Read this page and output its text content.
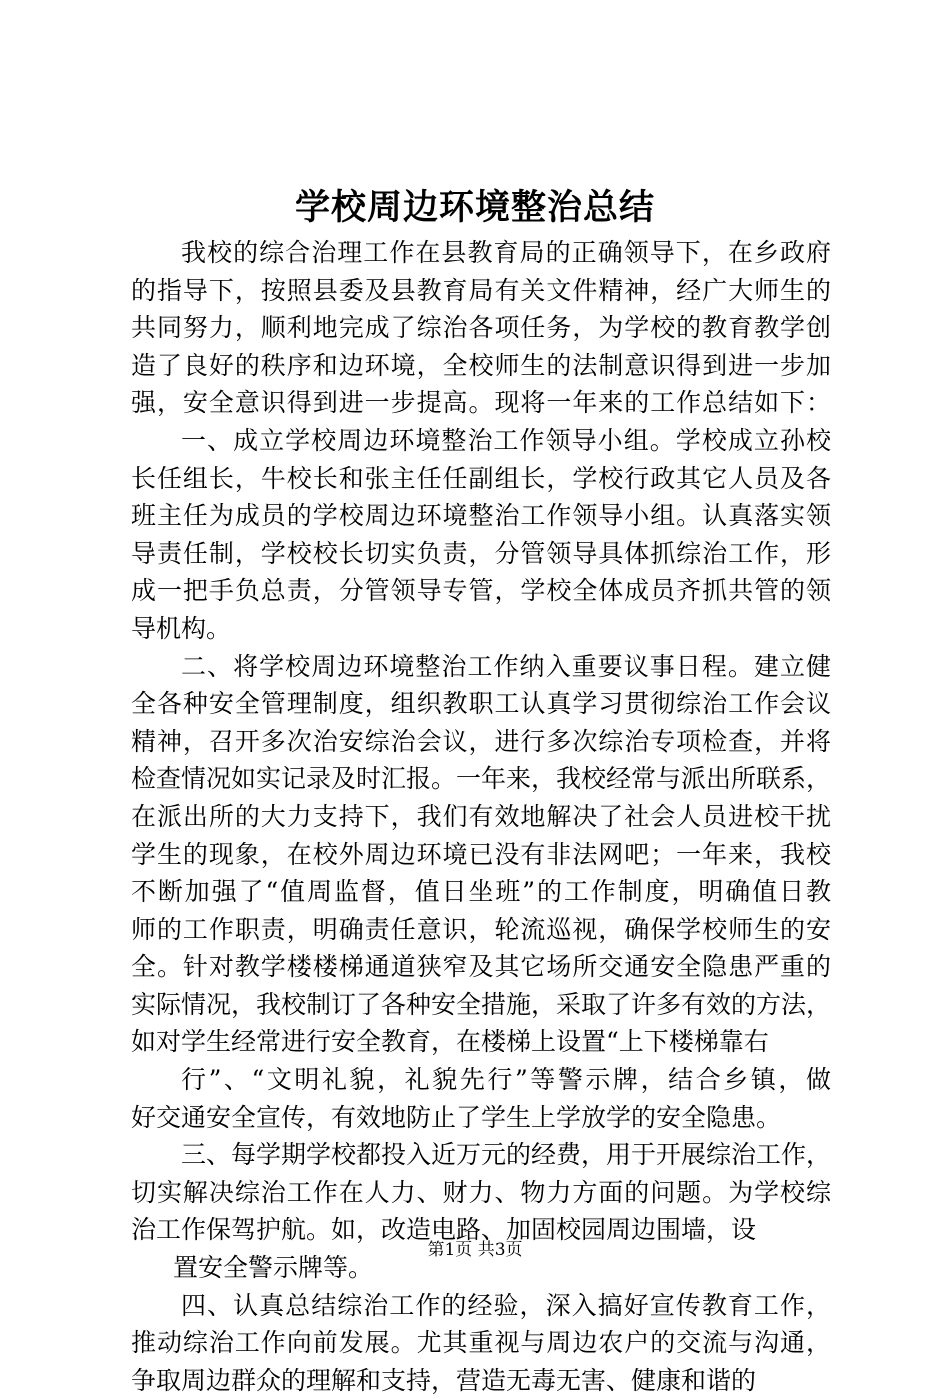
学校周边环境整治总结
我校的综合治理工作在县教育局的正确领导下，在乡政府
的指导下，按照县委及县教育局有关文件精神，经广大师生的
共同努力，顺利地完成了综治各项任务，为学校的教育教学创
造了良好的秩序和边环境，全校师生的法制意识得到进一步加
强，安全意识得到进一步提高。现将一年来的工作总结如下：
一、成立学校周边环境整治工作领导小组。学校成立孙校
长任组长，牛校长和张主任任副组长，学校行政其它人员及各
班主任为成员的学校周边环境整治工作领导小组。认真落实领
导责任制，学校校长切实负责，分管领导具体抓综治工作，形
成一把手负总责，分管领导专管，学校全体成员齐抓共管的领
导机构。
二、将学校周边环境整治工作纳入重要议事日程。建立健
全各种安全管理制度，组织教职工认真学习贯彻综治工作会议
精神，召开多次治安综治会议，进行多次综治专项检查，并将
检查情况如实记录及时汇报。一年来，我校经常与派出所联系，
在派出所的大力支持下，我们有效地解决了社会人员进校干扰
学生的现象，在校外周边环境已没有非法网吧；一年来，我校
不断加强了“值周监督，值日坐班”的工作制度，明确值日教
师的工作职责，明确责任意识，轮流巡视，确保学校师生的安
全。针对教学楼楼梯通道狭窄及其它场所交通安全隐患严重的
实际情况，我校制订了各种安全措施，采取了许多有效的方法，
如对学生经常进行安全教育，在楼梯上设置“上下楼梯靠右
行”、“文明礼貌，礼貌先行”等警示牌，结合乡镇，做
好交通安全宣传，有效地防止了学生上学放学的安全隐患。
三、每学期学校都投入近万元的经费，用于开展综治工作，
切实解决综治工作在人力、财力、物力方面的问题。为学校综
治工作保驾护航。如，改造电路、加固校园周边围墙，设
置安全警示牌等。
四、认真总结综治工作的经验，深入搞好宣传教育工作，
推动综治工作向前发展。尤其重视与周边农户的交流与沟通，
争取周边群众的理解和支持，营造无毒无害、健康和谐的
第1页 共3页
